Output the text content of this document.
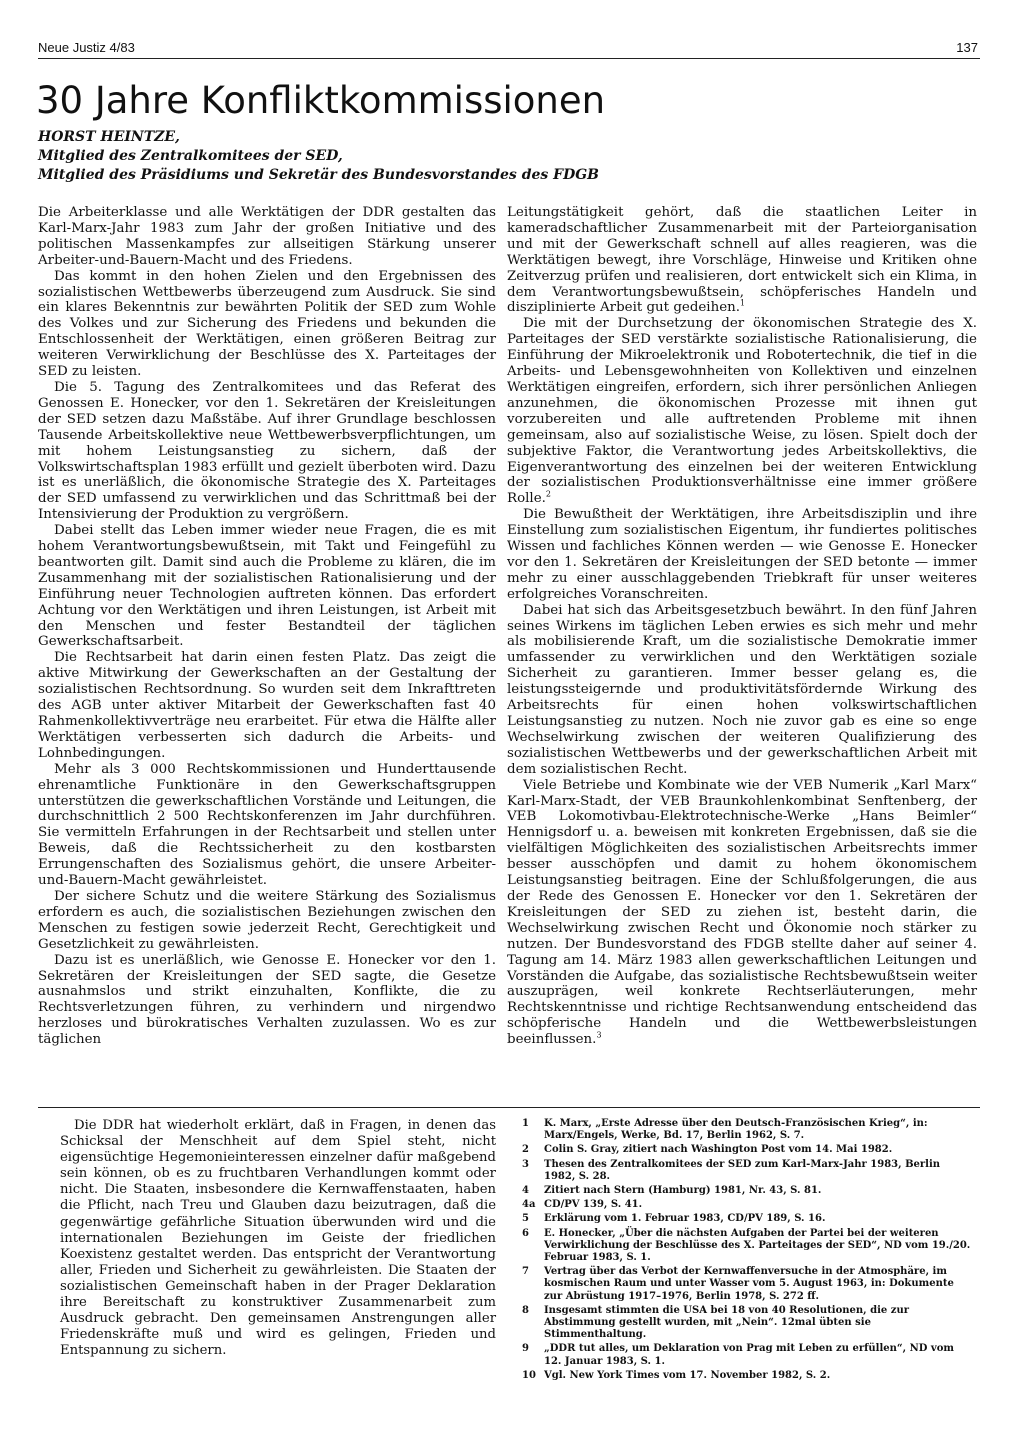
Neue Justiz 4/83	137
30 Jahre Konfliktkommissionen
HORST HEINTZE,
Mitglied des Zentralkomitees der SED,
Mitglied des Präsidiums und Sekretär des Bundesvorstandes des FDGB

Die Arbeiterklasse und alle Werktätigen der DDR gestalten das Karl-Marx-Jahr 1983 zum Jahr der großen Initiative und des politischen Massenkampfes zur allseitigen Stärkung unserer Arbeiter-und-Bauern-Macht und des Friedens.

Das kommt in den hohen Zielen und den Ergebnissen des sozialistischen Wettbewerbs überzeugend zum Ausdruck. Sie sind ein klares Bekenntnis zur bewährten Politik der SED zum Wohle des Volkes und zur Sicherung des Friedens und bekunden die Entschlossenheit der Werktätigen, einen größeren Beitrag zur weiteren Verwirklichung der Beschlüsse des X. Parteitages der SED zu leisten.

Die 5. Tagung des Zentralkomitees und das Referat des Genossen E. Honecker, vor den 1. Sekretären der Kreisleitungen der SED setzen dazu Maßstäbe. Auf ihrer Grundlage beschlossen Tausende Arbeitskollektive neue Wettbewerbsverpflichtungen, um mit hohem Leistungsanstieg zu sichern, daß der Volkswirtschaftsplan 1983 erfüllt und gezielt überboten wird. Dazu ist es unerläßlich, die ökonomische Strategie des X. Parteitages der SED umfassend zu verwirklichen und das Schrittmaß bei der Intensivierung der Produktion zu vergrößern.

Dabei stellt das Leben immer wieder neue Fragen, die es mit hohem Verantwortungsbewußtsein, mit Takt und Feingefühl zu beantworten gilt. Damit sind auch die Probleme zu klären, die im Zusammenhang mit der sozialistischen Rationalisierung und der Einführung neuer Technologien auftreten können. Das erfordert Achtung vor den Werktätigen und ihren Leistungen, ist Arbeit mit den Menschen und fester Bestandteil der täglichen Gewerkschaftsarbeit.

Die Rechtsarbeit hat darin einen festen Platz. Das zeigt die aktive Mitwirkung der Gewerkschaften an der Gestaltung der sozialistischen Rechtsordnung. So wurden seit dem Inkrafttreten des AGB unter aktiver Mitarbeit der Gewerkschaften fast 40 Rahmenkollektivverträge neu erarbeitet. Für etwa die Hälfte aller Werktätigen verbesserten sich dadurch die Arbeits- und Lohnbedingungen.

Mehr als 3 000 Rechtskommissionen und Hunderttausende ehrenamtliche Funktionäre in den Gewerkschaftsgruppen unterstützen die gewerkschaftlichen Vorstände und Leitungen, die durchschnittlich 2 500 Rechtskonferenzen im Jahr durchführen. Sie vermitteln Erfahrungen in der Rechtsarbeit und stellen unter Beweis, daß die Rechtssicherheit zu den kostbarsten Errungenschaften des Sozialismus gehört, die unsere Arbeiter-und-Bauern-Macht gewährleistet.

Der sichere Schutz und die weitere Stärkung des Sozialismus erfordern es auch, die sozialistischen Beziehungen zwischen den Menschen zu festigen sowie jederzeit Recht, Gerechtigkeit und Gesetzlichkeit zu gewährleisten.

Dazu ist es unerläßlich, wie Genosse E. Honecker vor den 1. Sekretären der Kreisleitungen der SED sagte, die Gesetze ausnahmslos und strikt einzuhalten, Konflikte, die zu Rechtsverletzungen führen, zu verhindern und nirgendwo herzloses und bürokratisches Verhalten zuzulassen. Wo es zur täglichen

Leitungstätigkeit gehört, daß die staatlichen Leiter in kameradschaftlicher Zusammenarbeit mit der Parteiorganisation und mit der Gewerkschaft schnell auf alles reagieren, was die Werktätigen bewegt, ihre Vorschläge, Hinweise und Kritiken ohne Zeitverzug prüfen und realisieren, dort entwickelt sich ein Klima, in dem Verantwortungsbewußtsein, schöpferisches Handeln und disziplinierte Arbeit gut gedeihen.$^1$

Die mit der Durchsetzung der ökonomischen Strategie des X. Parteitages der SED verstärkte sozialistische Rationalisierung, die Einführung der Mikroelektronik und Robotertechnik, die tief in die Arbeits- und Lebensgewohnheiten von Kollektiven und einzelnen Werktätigen eingreifen, erfordern, sich ihrer persönlichen Anliegen anzunehmen, die ökonomischen Prozesse mit ihnen gut vorzubereiten und alle auftretenden Probleme mit ihnen gemeinsam, also auf sozialistische Weise, zu lösen. Spielt doch der subjektive Faktor, die Verantwortung jedes Arbeitskollektivs, die Eigenverantwortung des einzelnen bei der weiteren Entwicklung der sozialistischen Produktionsverhältnisse eine immer größere Rolle.$^2$

Die Bewußtheit der Werktätigen, ihre Arbeitsdisziplin und ihre Einstellung zum sozialistischen Eigentum, ihr fundiertes politisches Wissen und fachliches Können werden — wie Genosse E. Honecker vor den 1. Sekretären der Kreisleitungen der SED betonte — immer mehr zu einer ausschlaggebenden Triebkraft für unser weiteres erfolgreiches Voranschreiten.

Dabei hat sich das Arbeitsgesetzbuch bewährt. In den fünf Jahren seines Wirkens im täglichen Leben erwies es sich mehr und mehr als mobilisierende Kraft, um die sozialistische Demokratie immer umfassender zu verwirklichen und den Werktätigen soziale Sicherheit zu garantieren. Immer besser gelang es, die leistungssteigernde und produktivitätsfördernde Wirkung des Arbeitsrechts für einen hohen volkswirtschaftlichen Leistungsanstieg zu nutzen. Noch nie zuvor gab es eine so enge Wechselwirkung zwischen der weiteren Qualifizierung des sozialistischen Wettbewerbs und der gewerkschaftlichen Arbeit mit dem sozialistischen Recht.

Viele Betriebe und Kombinate wie der VEB Numerik „Karl Marx“ Karl-Marx-Stadt, der VEB Braunkohlenkombinat Senftenberg, der VEB Lokomotivbau-Elektrotechnische-Werke „Hans Beimler“ Hennigsdorf u. a. beweisen mit konkreten Ergebnissen, daß sie die vielfältigen Möglichkeiten des sozialistischen Arbeitsrechts immer besser ausschöpfen und damit zu hohem ökonomischem Leistungsanstieg beitragen. Eine der Schlußfolgerungen, die aus der Rede des Genossen E. Honecker vor den 1. Sekretären der Kreisleitungen der SED zu ziehen ist, besteht darin, die Wechselwirkung zwischen Recht und Ökonomie noch stärker zu nutzen. Der Bundesvorstand des FDGB stellte daher auf seiner 4. Tagung am 14. März 1983 allen gewerkschaftlichen Leitungen und Vorständen die Aufgabe, das sozialistische Rechtsbewußtsein weiter auszuprägen, weil konkrete Rechtserläuterungen, mehr Rechtskenntnisse und richtige Rechtsanwendung entscheidend das schöpferische Handeln und die Wettbewerbsleistungen beeinflussen.$^3$

Die DDR hat wiederholt erklärt, daß in Fragen, in denen das Schicksal der Menschheit auf dem Spiel steht, nicht eigensüchtige Hegemonieinteressen einzelner dafür maßgebend sein können, ob es zu fruchtbaren Verhandlungen kommt oder nicht. Die Staaten, insbesondere die Kernwaffenstaaten, haben die Pflicht, nach Treu und Glauben dazu beizutragen, daß die gegenwärtige gefährliche Situation überwunden wird und die internationalen Beziehungen im Geiste der friedlichen Koexistenz gestaltet werden. Das entspricht der Verantwortung aller, Frieden und Sicherheit zu gewährleisten. Die Staaten der sozialistischen Gemeinschaft haben in der Prager Deklaration ihre Bereitschaft zu konstruktiver Zusammenarbeit zum Ausdruck gebracht. Den gemeinsamen Anstrengungen aller Friedenskräfte muß und wird es gelingen, Frieden und Entspannung zu sichern.

1	K. Marx, „Erste Adresse über den Deutsch-Französischen Krieg“, in: Marx/Engels, Werke, Bd. 17, Berlin 1962, S. 7.
2	Colin S. Gray, zitiert nach Washington Post vom 14. Mai 1982.
3	Thesen des Zentralkomitees der SED zum Karl-Marx-Jahr 1983, Berlin 1982, S. 28.
4	Zitiert nach Stern (Hamburg) 1981, Nr. 43, S. 81.
4a CD/PV 139, S. 41.
5	Erklärung vom 1. Februar 1983, CD/PV 189, S. 16.
6	E. Honecker, „Über die nächsten Aufgaben der Partei bei der weiteren Verwirklichung der Beschlüsse des X. Parteitages der SED“, ND vom 19./20. Februar 1983, S. 1.
7	Vertrag über das Verbot der Kernwaffenversuche in der Atmosphäre, im kosmischen Raum und unter Wasser vom 5. August 1963, in: Dokumente zur Abrüstung 1917–1976, Berlin 1978, S. 272 ff.
8	Insgesamt stimmten die USA bei 18 von 40 Resolutionen, die zur Abstimmung gestellt wurden, mit „Nein“. 12mal übten sie Stimmenthaltung.
9	„DDR tut alles, um Deklaration von Prag mit Leben zu erfüllen“, ND vom 12. Januar 1983, S. 1.
10 Vgl. New York Times vom 17. November 1982, S. 2.
